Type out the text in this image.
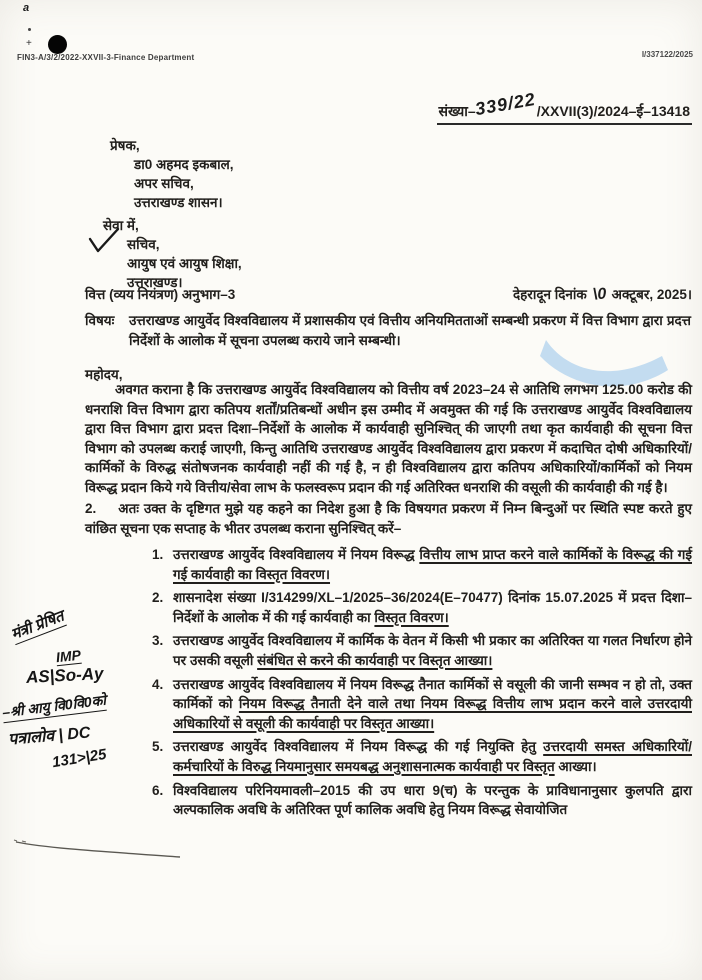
a
+
FIN3-A/3/2/2022-XXVII-3-Finance Department	I/337122/2025
संख्या–339/22/XXVII(3)/2024–ई–13418
प्रेषक,
डा0 अहमद इकबाल,
अपर सचिव,
उत्तराखण्ड शासन।
सेवा में,
सचिव,
आयुष एवं आयुष शिक्षा,
उत्तराखण्ड।
वित्त (व्यय नियंत्रण) अनुभाग–3	देहरादून दिनांक \0 अक्टूबर, 2025।
विषयः	उत्तराखण्ड आयुर्वेद विश्वविद्यालय में प्रशासकीय एवं वित्तीय अनियमितताओं सम्बन्धी प्रकरण में वित्त विभाग द्वारा प्रदत्त निर्देशों के आलोक में सूचना उपलब्ध कराये जाने सम्बन्धी।
महोदय,
अवगत कराना है कि उत्तराखण्ड आयुर्वेद विश्वविद्यालय को वित्तीय वर्ष 2023–24 से आतिथि लगभग 125.00 करोड की धनराशि वित्त विभाग द्वारा कतिपय शर्तों/प्रतिबन्धों अधीन इस उम्मीद में अवमुक्त की गई कि उत्तराखण्ड आयुर्वेद विश्वविद्यालय द्वारा वित्त विभाग द्वारा प्रदत्त दिशा–निर्देशों के आलोक में कार्यवाही सुनिश्चित् की जाएगी तथा कृत कार्यवाही की सूचना वित्त विभाग को उपलब्ध कराई जाएगी, किन्तु आतिथि उत्तराखण्ड आयुर्वेद विश्वविद्यालय द्वारा प्रकरण में कदाचित दोषी अधिकारियों/कार्मिकों के विरुद्ध संतोषजनक कार्यवाही नहीं की गई है, न ही विश्वविद्यालय द्वारा कतिपय अधिकारियों/कार्मिकों को नियम विरूद्ध प्रदान किये गये वित्तीय/सेवा लाभ के फलस्वरूप प्रदान की गई अतिरिक्त धनराशि की वसूली की कार्यवाही की गई है।
2. अतः उक्त के दृष्टिगत मुझे यह कहने का निदेश हुआ है कि विषयगत प्रकरण में निम्न बिन्दुओं पर स्थिति स्पष्ट करते हुए वांछित सूचना एक सप्ताह के भीतर उपलब्ध कराना सुनिश्चित् करें–
1. उत्तराखण्ड आयुर्वेद विश्वविद्यालय में नियम विरूद्ध वित्तीय लाभ प्राप्त करने वाले कार्मिकों के विरूद्ध की गई गई कार्यवाही का विस्तृत विवरण।
2. शासनादेश संख्या I/314299/XL–1/2025–36/2024(E–70477) दिनांक 15.07.2025 में प्रदत्त दिशा–निर्देशों के आलोक में की गई कार्यवाही का विस्तृत विवरण।
3. उत्तराखण्ड आयुर्वेद विश्वविद्यालय में कार्मिक के वेतन में किसी भी प्रकार का अतिरिक्त या गलत निर्धारण होने पर उसकी वसूली संबंधित से करने की कार्यवाही पर विस्तृत आख्या।
4. उत्तराखण्ड आयुर्वेद विश्वविद्यालय में नियम विरूद्ध तैनात कार्मिकों से वसूली की जानी सम्भव न हो तो, उक्त कार्मिकों को नियम विरूद्ध तैनाती देने वाले तथा नियम विरूद्ध वित्तीय लाभ प्रदान करने वाले उत्तरदायी अधिकारियों से वसूली की कार्यवाही पर विस्तृत आख्या।
5. उत्तराखण्ड आयुर्वेद विश्वविद्यालय में नियम विरूद्ध की गई नियुक्ति हेतु उत्तरदायी समस्त अधिकारियों/कर्मचारियों के विरुद्ध नियमानुसार समयबद्ध अनुशासनात्मक कार्यवाही पर विस्तृत आख्या।
6. विश्वविद्यालय परिनियमावली–2015 की उप धारा 9(च) के परन्तुक के प्राविधानानुसार कुलपति द्वारा अल्पकालिक अवधि के अतिरिक्त पूर्ण कालिक अवधि हेतु नियम विरूद्ध सेवायोजित
मंत्री प्रेषित
IMP
AS|So-Ay
–श्री आयु वि0वि0को
पत्रालोव | DC
131>|25
